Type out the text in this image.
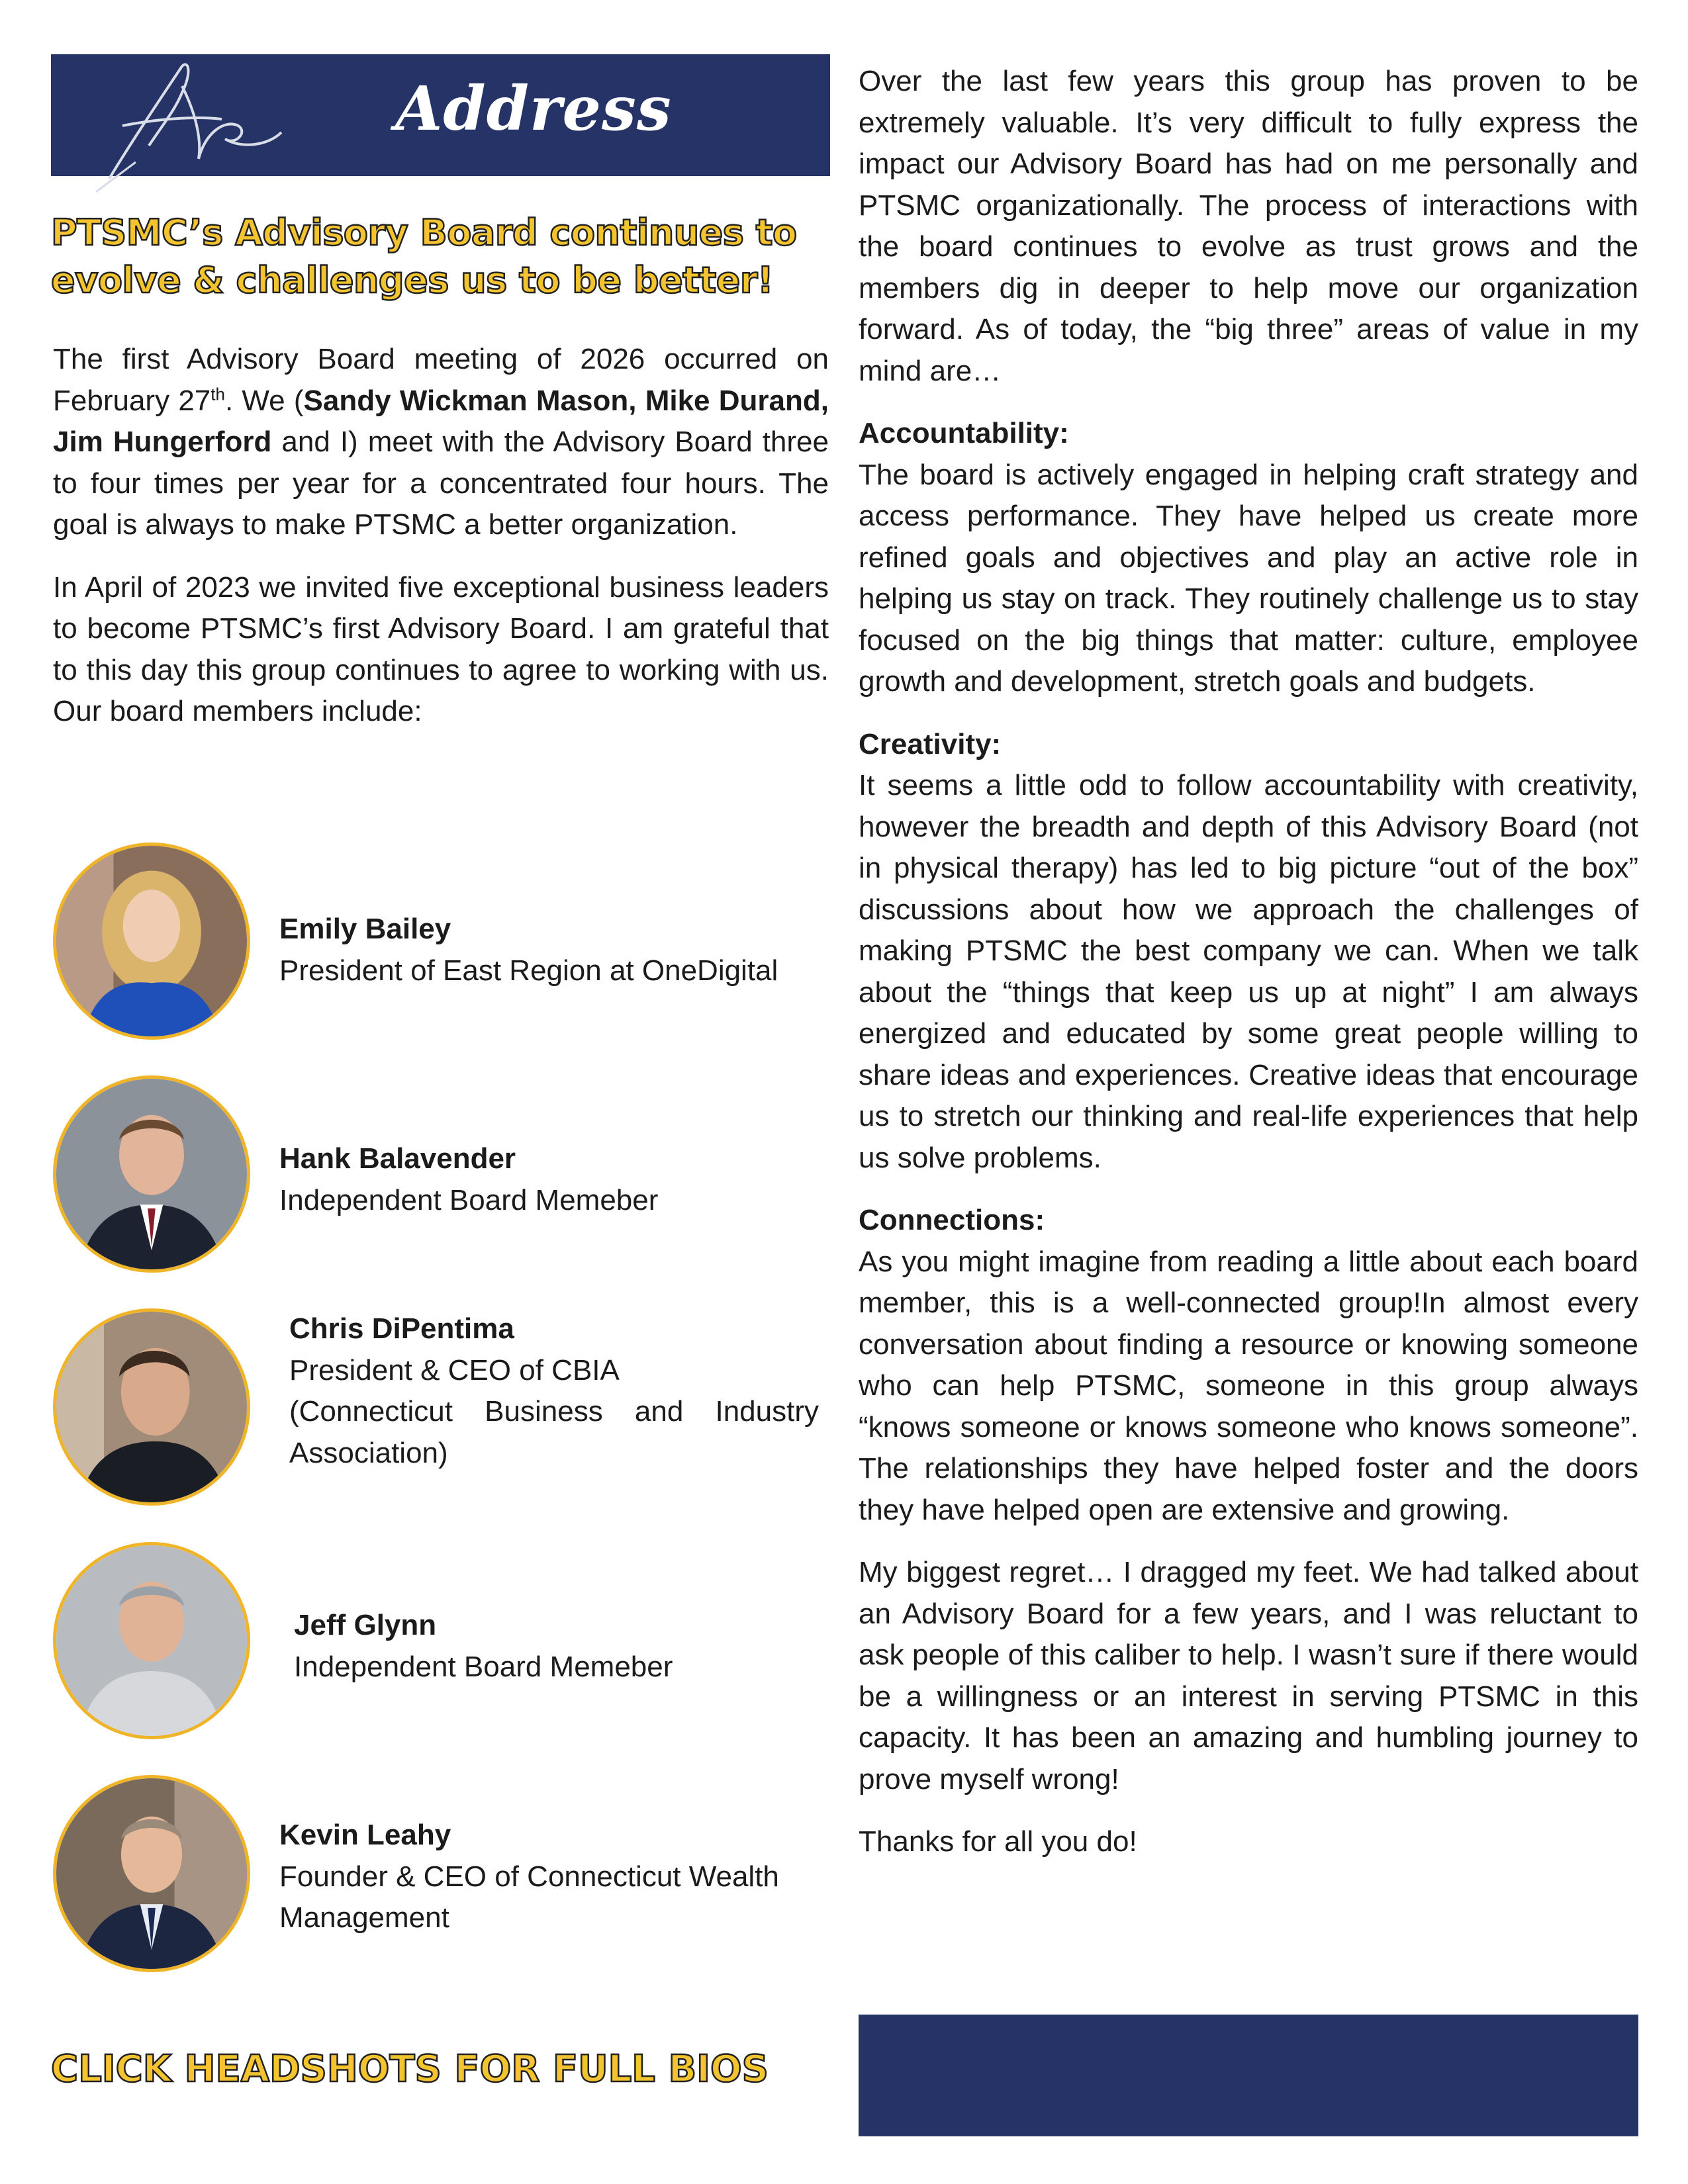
Address
PTSMC’s Advisory Board continues to
evolve & challenges us to be better!

The first Advisory Board meeting of 2026 occurred on February 27th. We (Sandy Wickman Mason, Mike Durand, Jim Hungerford and I) meet with the Advisory Board three to four times per year for a concentrated four hours. The goal is always to make PTSMC a better organization.

In April of 2023 we invited five exceptional business leaders to become PTSMC’s first Advisory Board. I am grateful that to this day this group continues to agree to working with us. Our board members include:

Emily Bailey
President of East Region at OneDigital
Hank Balavender
Independent Board Memeber
Chris DiPentima
President & CEO of CBIA
(Connecticut Business and Industry
Association)
Jeff Glynn
Independent Board Memeber
Kevin Leahy
Founder & CEO of Connecticut Wealth
Management
CLICK HEADSHOTS FOR FULL BIOS

Over the last few years this group has proven to be extremely valuable. It’s very difficult to fully express the impact our Advisory Board has had on me personally and PTSMC organizationally. The process of interactions with the board continues to evolve as trust grows and the members dig in deeper to help move our organization forward. As of today, the “big three” areas of value in my mind are…

Accountability:
The board is actively engaged in helping craft strategy and access performance. They have helped us create more refined goals and objectives and play an active role in helping us stay on track. They routinely challenge us to stay focused on the big things that matter: culture, employee growth and development, stretch goals and budgets.

Creativity:
It seems a little odd to follow accountability with creativity, however the breadth and depth of this Advisory Board (not in physical therapy) has led to big picture “out of the box” discussions about how we approach the challenges of making PTSMC the best company we can. When we talk about the “things that keep us up at night” I am always energized and educated by some great people willing to share ideas and experiences. Creative ideas that encourage us to stretch our thinking and real-life experiences that help us solve problems.

Connections:
As you might imagine from reading a little about each board member, this is a well-connected group!In almost every conversation about finding a resource or knowing someone who can help PTSMC, someone in this group always “knows someone or knows someone who knows someone”. The relationships they have helped foster and the doors they have helped open are extensive and growing.

My biggest regret… I dragged my feet. We had talked about an Advisory Board for a few years, and I was reluctant to ask people of this caliber to help. I wasn’t sure if there would be a willingness or an interest in serving PTSMC in this capacity. It has been an amazing and humbling journey to prove myself wrong!

Thanks for all you do!
